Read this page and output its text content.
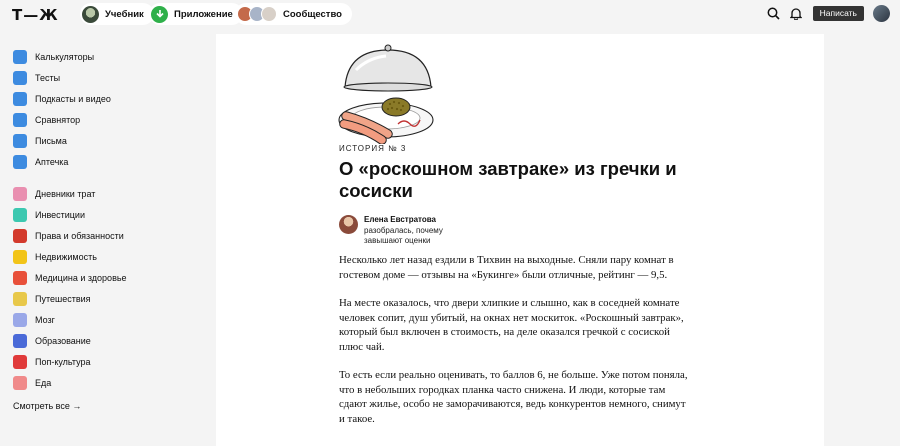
Т—Ж	Учебник	Приложение	Сообщество	Написать
Калькуляторы
Тесты
Подкасты и видео
Сравнятор
Письма
Аптечка
Дневники трат
Инвестиции
Права и обязанности
Недвижимость
Медицина и здоровье
Путешествия
Мозг
Образование
Поп-культура
Еда
Смотреть все →
ИСТОРИЯ № 3
О «роскошном завтраке» из гречки и сосиски
Елена Евстратова
разобралась, почему завышают оценки

Несколько лет назад ездили в Тихвин на выходные. Сняли пару комнат в гостевом доме — отзывы на «Букинге» были отличные, рейтинг — 9,5.

На месте оказалось, что двери хлипкие и слышно, как в соседней комнате человек сопит, душ убитый, на окнах нет москиток. «Роскошный завтрак», который был включен в стоимость, на деле оказался гречкой с сосиской плюс чай.

То есть если реально оценивать, то баллов 6, не больше. Уже потом поняла, что в небольших городках планка часто снижена. И люди, которые там сдают жилье, особо не заморачиваются, ведь конкурентов немного, снимут и такое.
